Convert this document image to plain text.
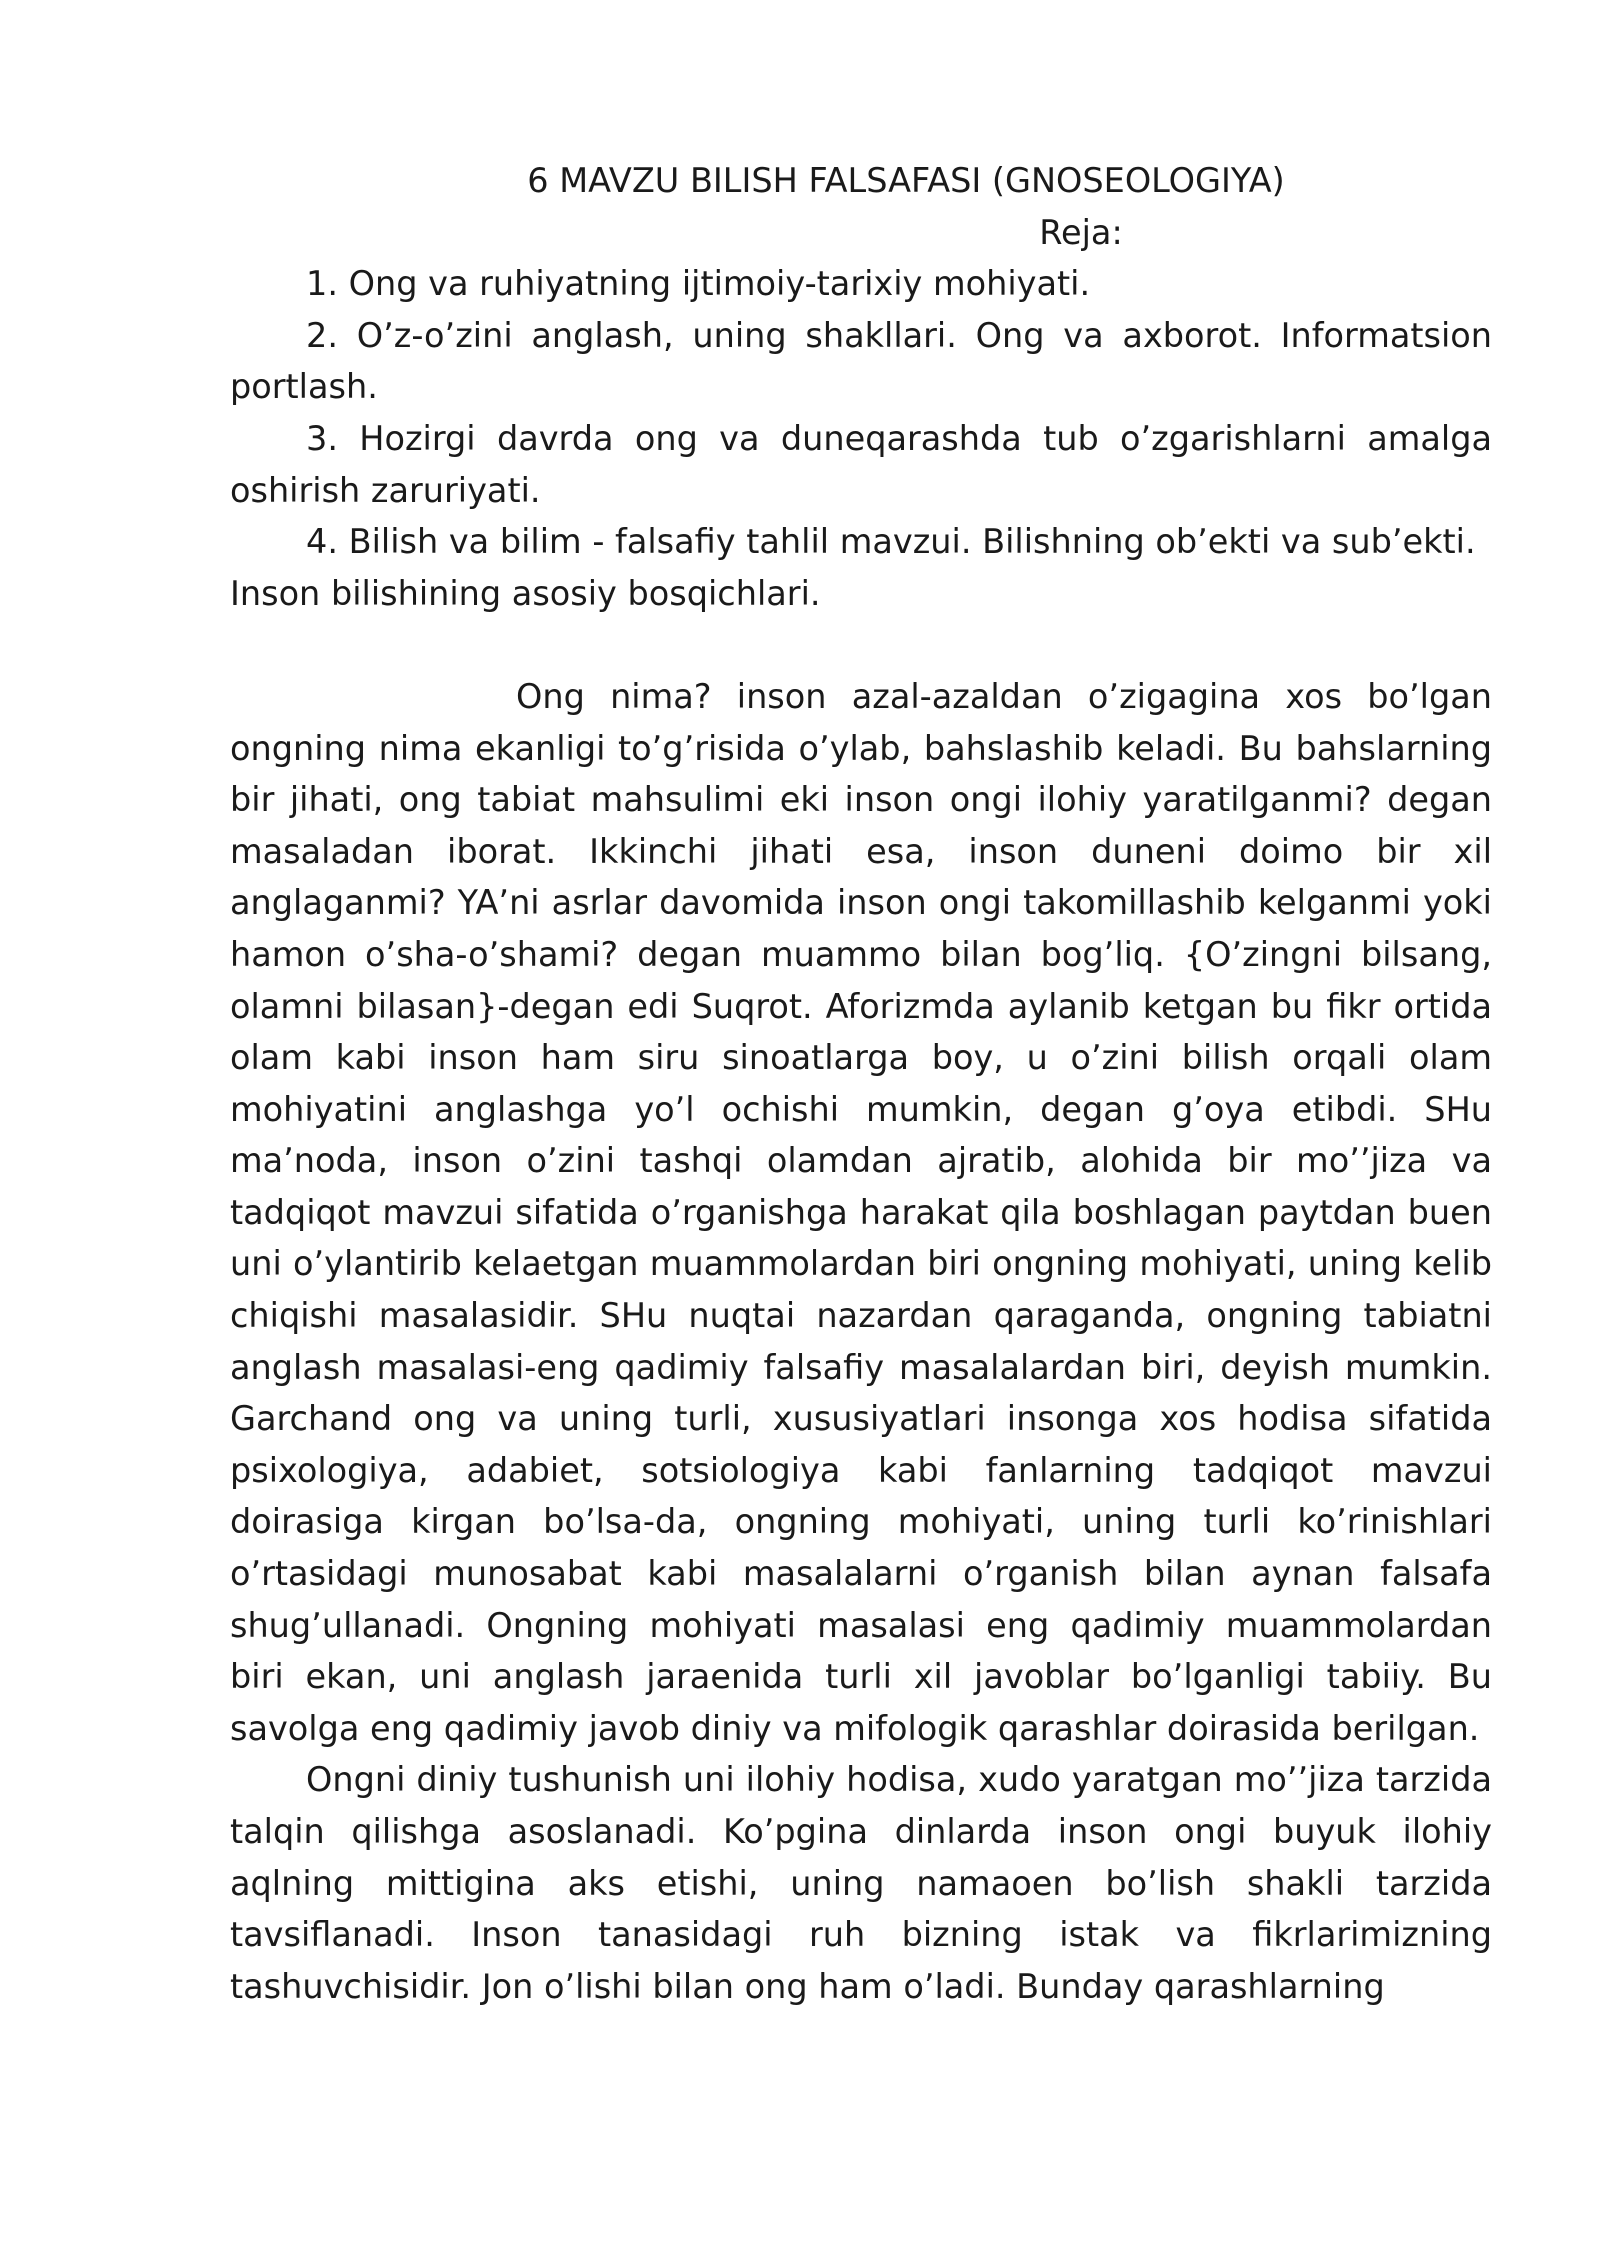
6 MAVZU BILISH FALSAFASI (GNOSEOLOGIYA)

Reja:

1. Ong va ruhiyatning ijtimoiy-tarixiy mohiyati.
2. O’z-o’zini anglash, uning shakllari. Ong va axborot. Informatsion portlash.
3. Hozirgi davrda ong va duneqarashda tub o’zgarishlarni amalga oshirish zaruriyati.
4. Bilish va bilim - falsafiy tahlil mavzui. Bilishning ob’ekti va sub’ekti. Inson bilishining asosiy bosqichlari.

Ong nima? inson azal-azaldan o’zigagina xos bo’lgan ongning nima ekanligi to’g’risida o’ylab, bahslashib keladi. Bu bahslarning bir jihati, ong tabiat mahsulimi eki inson ongi ilohiy yaratilganmi? degan masaladan iborat. Ikkinchi jihati esa, inson duneni doimo bir xil anglaganmi? YA’ni asrlar davomida inson ongi takomillashib kelganmi yoki hamon o’sha-o’shami? degan muammo bilan bog’liq. {O’zingni bilsang, olamni bilasan}-degan edi Suqrot. Aforizmda aylanib ketgan bu fikr ortida olam kabi inson ham siru sinoatlarga boy, u o’zini bilish orqali olam mohiyatini anglashga yo’l ochishi mumkin, degan g’oya etibdi. SHu ma’noda, inson o’zini tashqi olamdan ajratib, alohida bir mo’’jiza va tadqiqot mavzui sifatida o’rganishga harakat qila boshlagan paytdan buen uni o’ylantirib kelaetgan muammolardan biri ongning mohiyati, uning kelib chiqishi masalasidir. SHu nuqtai nazardan qaraganda, ongning tabiatni anglash masalasi-eng qadimiy falsafiy masalalardan biri, deyish mumkin. Garchand ong va uning turli, xususiyatlari insonga xos hodisa sifatida psixologiya, adabiet, sotsiologiya kabi fanlarning tadqiqot mavzui doirasiga kirgan bo’lsa-da, ongning mohiyati, uning turli ko’rinishlari o’rtasidagi munosabat kabi masalalarni o’rganish bilan aynan falsafa shug’ullanadi. Ongning mohiyati masalasi eng qadimiy muammolardan biri ekan, uni anglash jaraenida turli xil javoblar bo’lganligi tabiiy. Bu savolga eng qadimiy javob diniy va mifologik qarashlar doirasida berilgan.

Ongni diniy tushunish uni ilohiy hodisa, xudo yaratgan mo’’jiza tarzida talqin qilishga asoslanadi. Ko’pgina dinlarda inson ongi buyuk ilohiy aqlning mittigina aks etishi, uning namaoen bo’lish shakli tarzida tavsiflanadi. Inson tanasidagi ruh bizning istak va fikrlarimizning tashuvchisidir. Jon o’lishi bilan ong ham o’ladi. Bunday qarashlarning
